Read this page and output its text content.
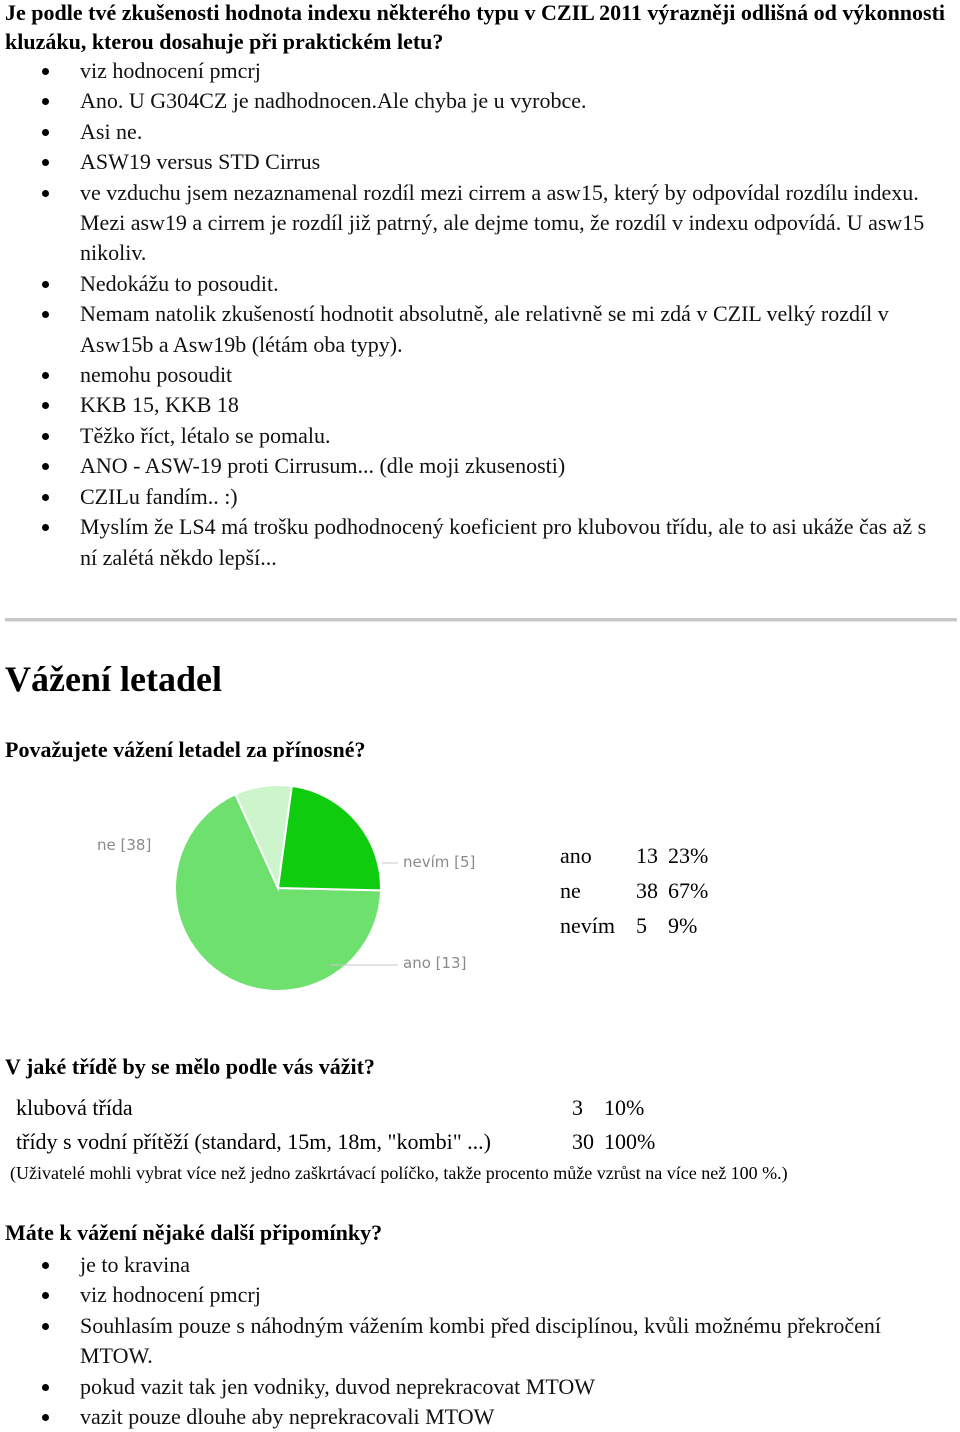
Je podle tvé zkušenosti hodnota indexu některého typu v CZIL 2011 výrazněji odlišná od výkonnosti kluzáku, kterou dosahuje při praktickém letu?
viz hodnocení pmcrj
Ano. U G304CZ je nadhodnocen.Ale chyba je u vyrobce.
Asi ne.
ASW19 versus STD Cirrus
ve vzduchu jsem nezaznamenal rozdíl mezi cirrem a asw15, který by odpovídal rozdílu indexu. Mezi asw19 a cirrem je rozdíl již patrný, ale dejme tomu, že rozdíl v indexu odpovídá. U asw15 nikoliv.
Nedokážu to posoudit.
Nemam natolik zkušeností hodnotit absolutně, ale relativně se mi zdá v CZIL velký rozdíl v Asw15b a Asw19b (létám oba typy).
nemohu posoudit
KKB 15, KKB 18
Těžko říct, létalo se pomalu.
ANO - ASW-19 proti Cirrusum... (dle moji zkusenosti)
CZILu fandím.. :)
Myslím že LS4 má trošku podhodnocený koeficient pro klubovou třídu, ale to asi ukáže čas až s ní zalétá někdo lepší...
Vážení letadel
Považujete vážení letadel za přínosné?
ne [38]
nevím [5]
ano [13]
ano	13	23%
ne	38	67%
nevím	5	9%
V jaké třídě by se mělo podle vás vážit?
klubová třída	3	10%
třídy s vodní přítěží (standard, 15m, 18m, "kombi" ...)	30	100%
(Uživatelé mohli vybrat více než jedno zaškrtávací políčko, takže procento může vzrůst na více než 100 %.)
Máte k vážení nějaké další připomínky?
je to kravina
viz hodnocení pmcrj
Souhlasím pouze s náhodným vážením kombi před disciplínou, kvůli možnému překročení MTOW.
pokud vazit tak jen vodniky, duvod neprekracovat MTOW
vazit pouze dlouhe aby neprekracovali MTOW
